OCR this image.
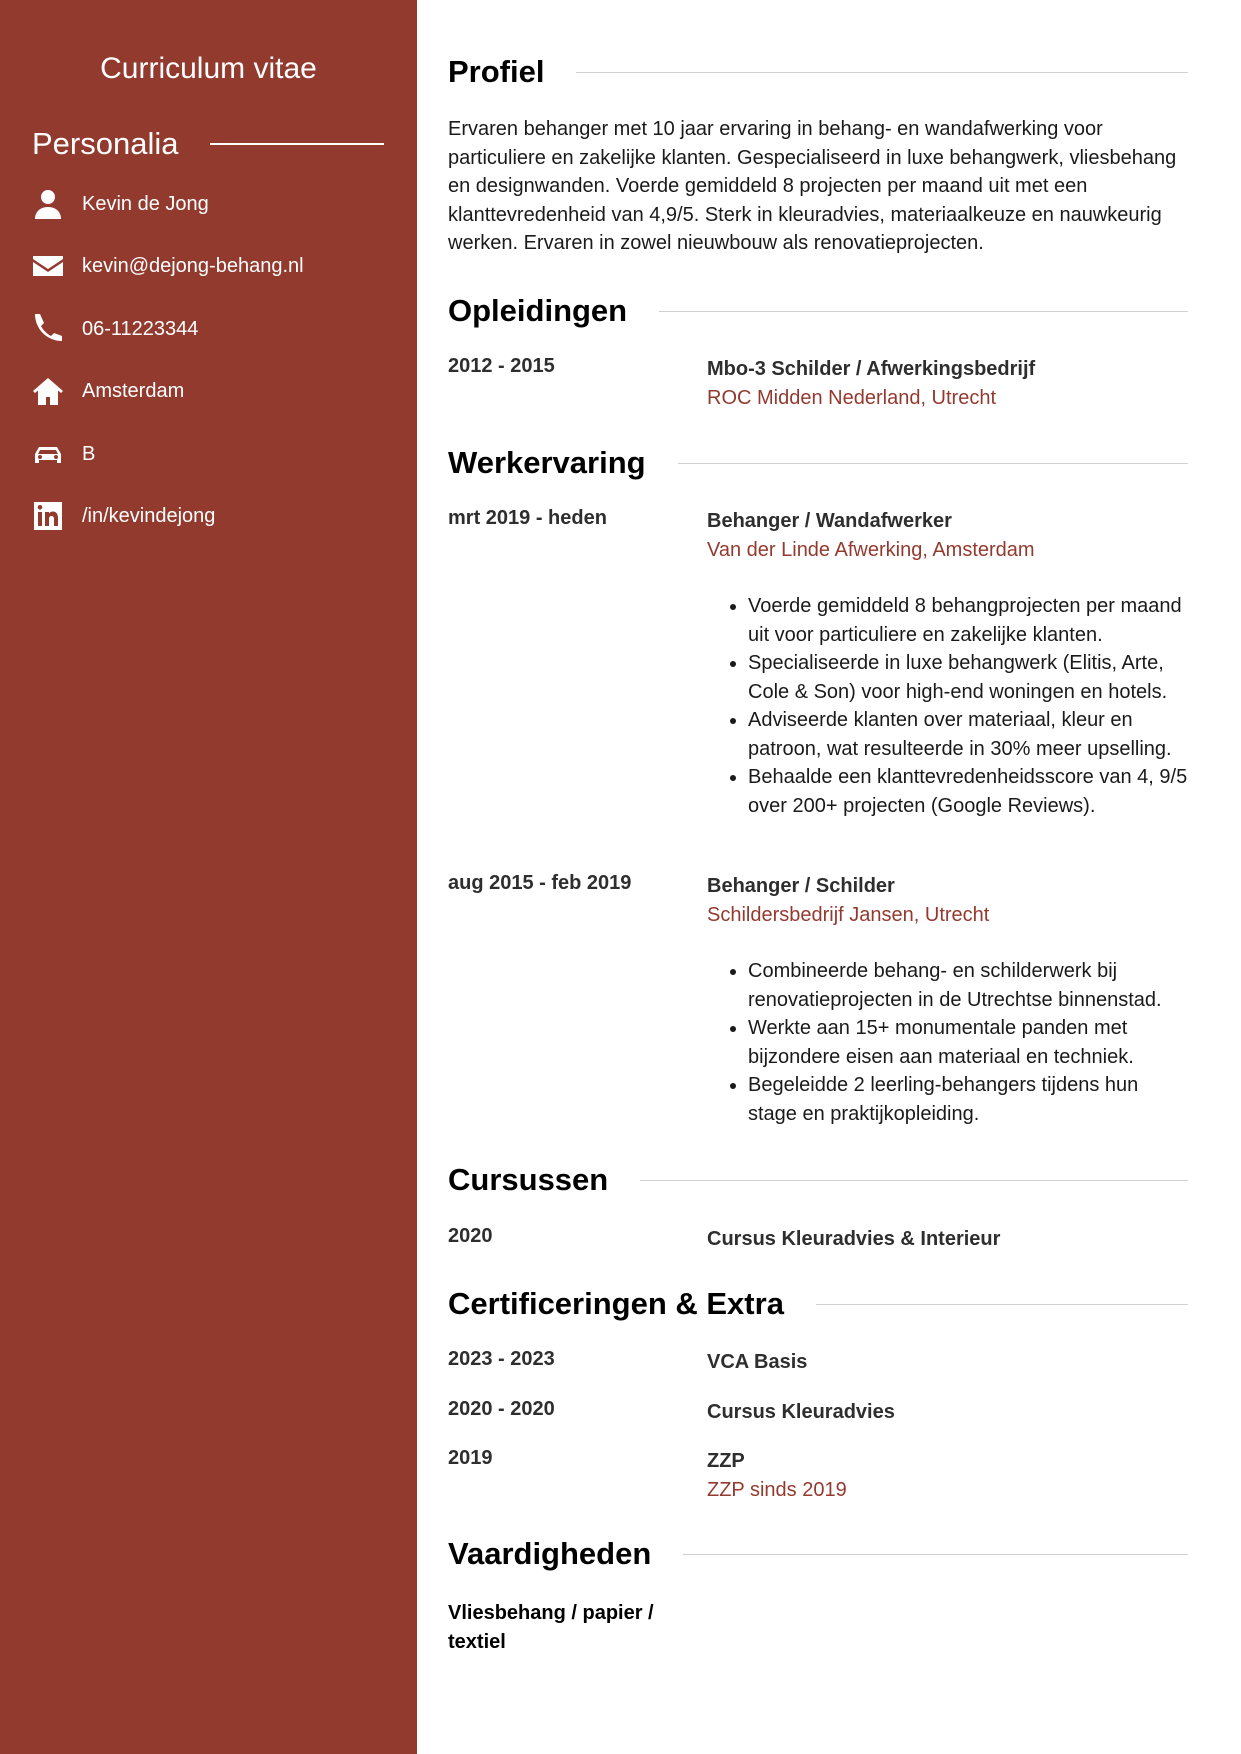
Curriculum vitae
Personalia
Kevin de Jong
kevin@dejong-behang.nl
06-11223344
Amsterdam
B
/in/kevindejong
Profiel
Ervaren behanger met 10 jaar ervaring in behang- en wandafwerking voor particuliere en zakelijke klanten. Gespecialiseerd in luxe behangwerk, vliesbehang en designwanden. Voerde gemiddeld 8 projecten per maand uit met een klanttevredenheid van 4,9/5. Sterk in kleuradvies, materiaalkeuze en nauwkeurig werken. Ervaren in zowel nieuwbouw als renovatieprojecten.
Opleidingen
2012 - 2015	Mbo-3 Schilder / Afwerkingsbedrijf
ROC Midden Nederland, Utrecht
Werkervaring
mrt 2019 - heden	Behanger / Wandafwerker
Van der Linde Afwerking, Amsterdam
• Voerde gemiddeld 8 behangprojecten per maand uit voor particuliere en zakelijke klanten.
• Specialiseerde in luxe behangwerk (Elitis, Arte, Cole & Son) voor high-end woningen en hotels.
• Adviseerde klanten over materiaal, kleur en patroon, wat resulteerde in 30% meer upselling.
• Behaalde een klanttevredenheidsscore van 4, 9/5 over 200+ projecten (Google Reviews).
aug 2015 - feb 2019	Behanger / Schilder
Schildersbedrijf Jansen, Utrecht
• Combineerde behang- en schilderwerk bij renovatieprojecten in de Utrechtse binnenstad.
• Werkte aan 15+ monumentale panden met bijzondere eisen aan materiaal en techniek.
• Begeleidde 2 leerling-behangers tijdens hun stage en praktijkopleiding.
Cursussen
2020	Cursus Kleuradvies & Interieur
Certificeringen & Extra
2023 - 2023	VCA Basis
2020 - 2020	Cursus Kleuradvies
2019	ZZP
ZZP sinds 2019
Vaardigheden
Vliesbehang / papier / textiel
